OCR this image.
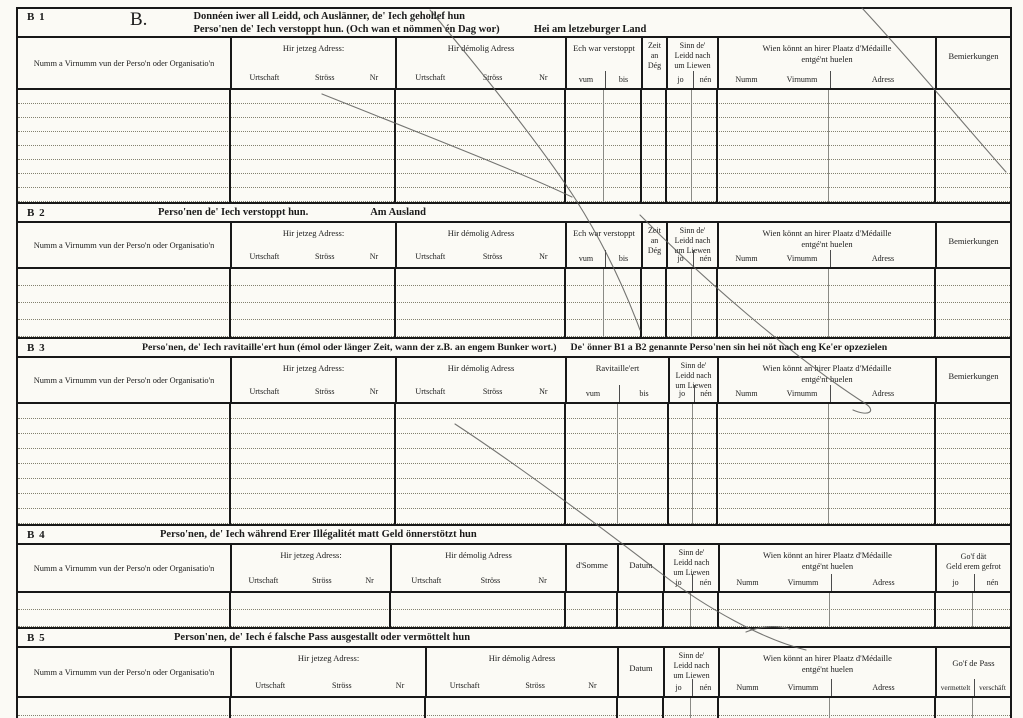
B 1	B.	Donnéen iwer all Leidd, och Auslänner, de' Iech gehollef hun
Perso'nen de' Iech verstoppt hun. (Och wan et nömmen én Dag wor)	Hei am letzeburger Land
Numm a Virnumm vun der Perso'n oder Organisatio'n
Hir jetzeg Adress:
Urtschaft	Ströss	Nr
Hir démolig Adress
Urtschaft	Ströss	Nr
Ech war verstoppt
vum	bis
Zeit
an
Dég
Sinn de'
Leidd nach
um Liewen
jo	nén
Wien könnt an hirer Plaatz d'Médaille
entgé'nt huelen
Numm	Virnumm	Adress
Bemierkungen
B 2	Perso'nen de' Iech verstoppt hun.	Am Ausland
Numm a Virnumm vun der Perso'n oder Organisatio'n
Hir jetzeg Adress:
Urtschaft	Ströss	Nr
Hir démolig Adress
Urtschaft	Ströss	Nr
Ech war verstoppt
vum	bis
Zeit
an
Dég
Sinn de'
Leidd nach
um Liewen
jo	nén
Wien könnt an hirer Plaatz d'Médaille
entgé'nt huelen
Numm	Virnumm	Adress
Bemierkungen
B 3	Perso'nen, de' Iech ravitaille'ert hun (émol oder länger Zeit, wann der z.B. an engem Bunker wort.) De' önner B1 a B2 genannte Perso'nen sin hei nöt nach eng Ke'er opzezielen
Numm a Virnumm vun der Perso'n oder Organisatio'n
Hir jetzeg Adress:
Urtschaft	Ströss	Nr
Hir démolig Adress
Urtschaft	Ströss	Nr
Ravitaille'ert
vum	bis
Sinn de'
Leidd nach
um Liewen
jo	nén
Wien könnt an hirer Plaatz d'Médaille
entgé'nt huelen
Numm	Virnumm	Adress
Bemierkungen
B 4	Perso'nen, de' Iech während Erer Illégalitét matt Geld önnerstötzt hun
Numm a Virnumm vun der Perso'n oder Organisatio'n
Hir jetzeg Adress:
Urtschaft	Ströss	Nr
Hir démolig Adress
Urtschaft	Ströss	Nr
d'Somme	Datum
Sinn de'
Leidd nach
um Liewen
jo	nén
Wien könnt an hirer Plaatz d'Médaille
entgé'nt huelen
Numm	Virnumm	Adress
Go'f dät
Geld erem gefrot
jo	nén
B 5	Person'nen, de' Iech é falsche Pass ausgestallt oder vermöttelt hun
Numm a Virnumm vun der Perso'n oder Organisatio'n
Hir jetzeg Adress:
Urtschaft	Ströss	Nr
Hir démolig Adress
Urtschaft	Ströss	Nr
Datum
Sinn de'
Leidd nach
um Liewen
jo	nén
Wien könnt an hirer Plaatz d'Médaille
entgé'nt huelen
Numm	Virnumm	Adress
Go'f de Pass
vermettelt	verschäft
